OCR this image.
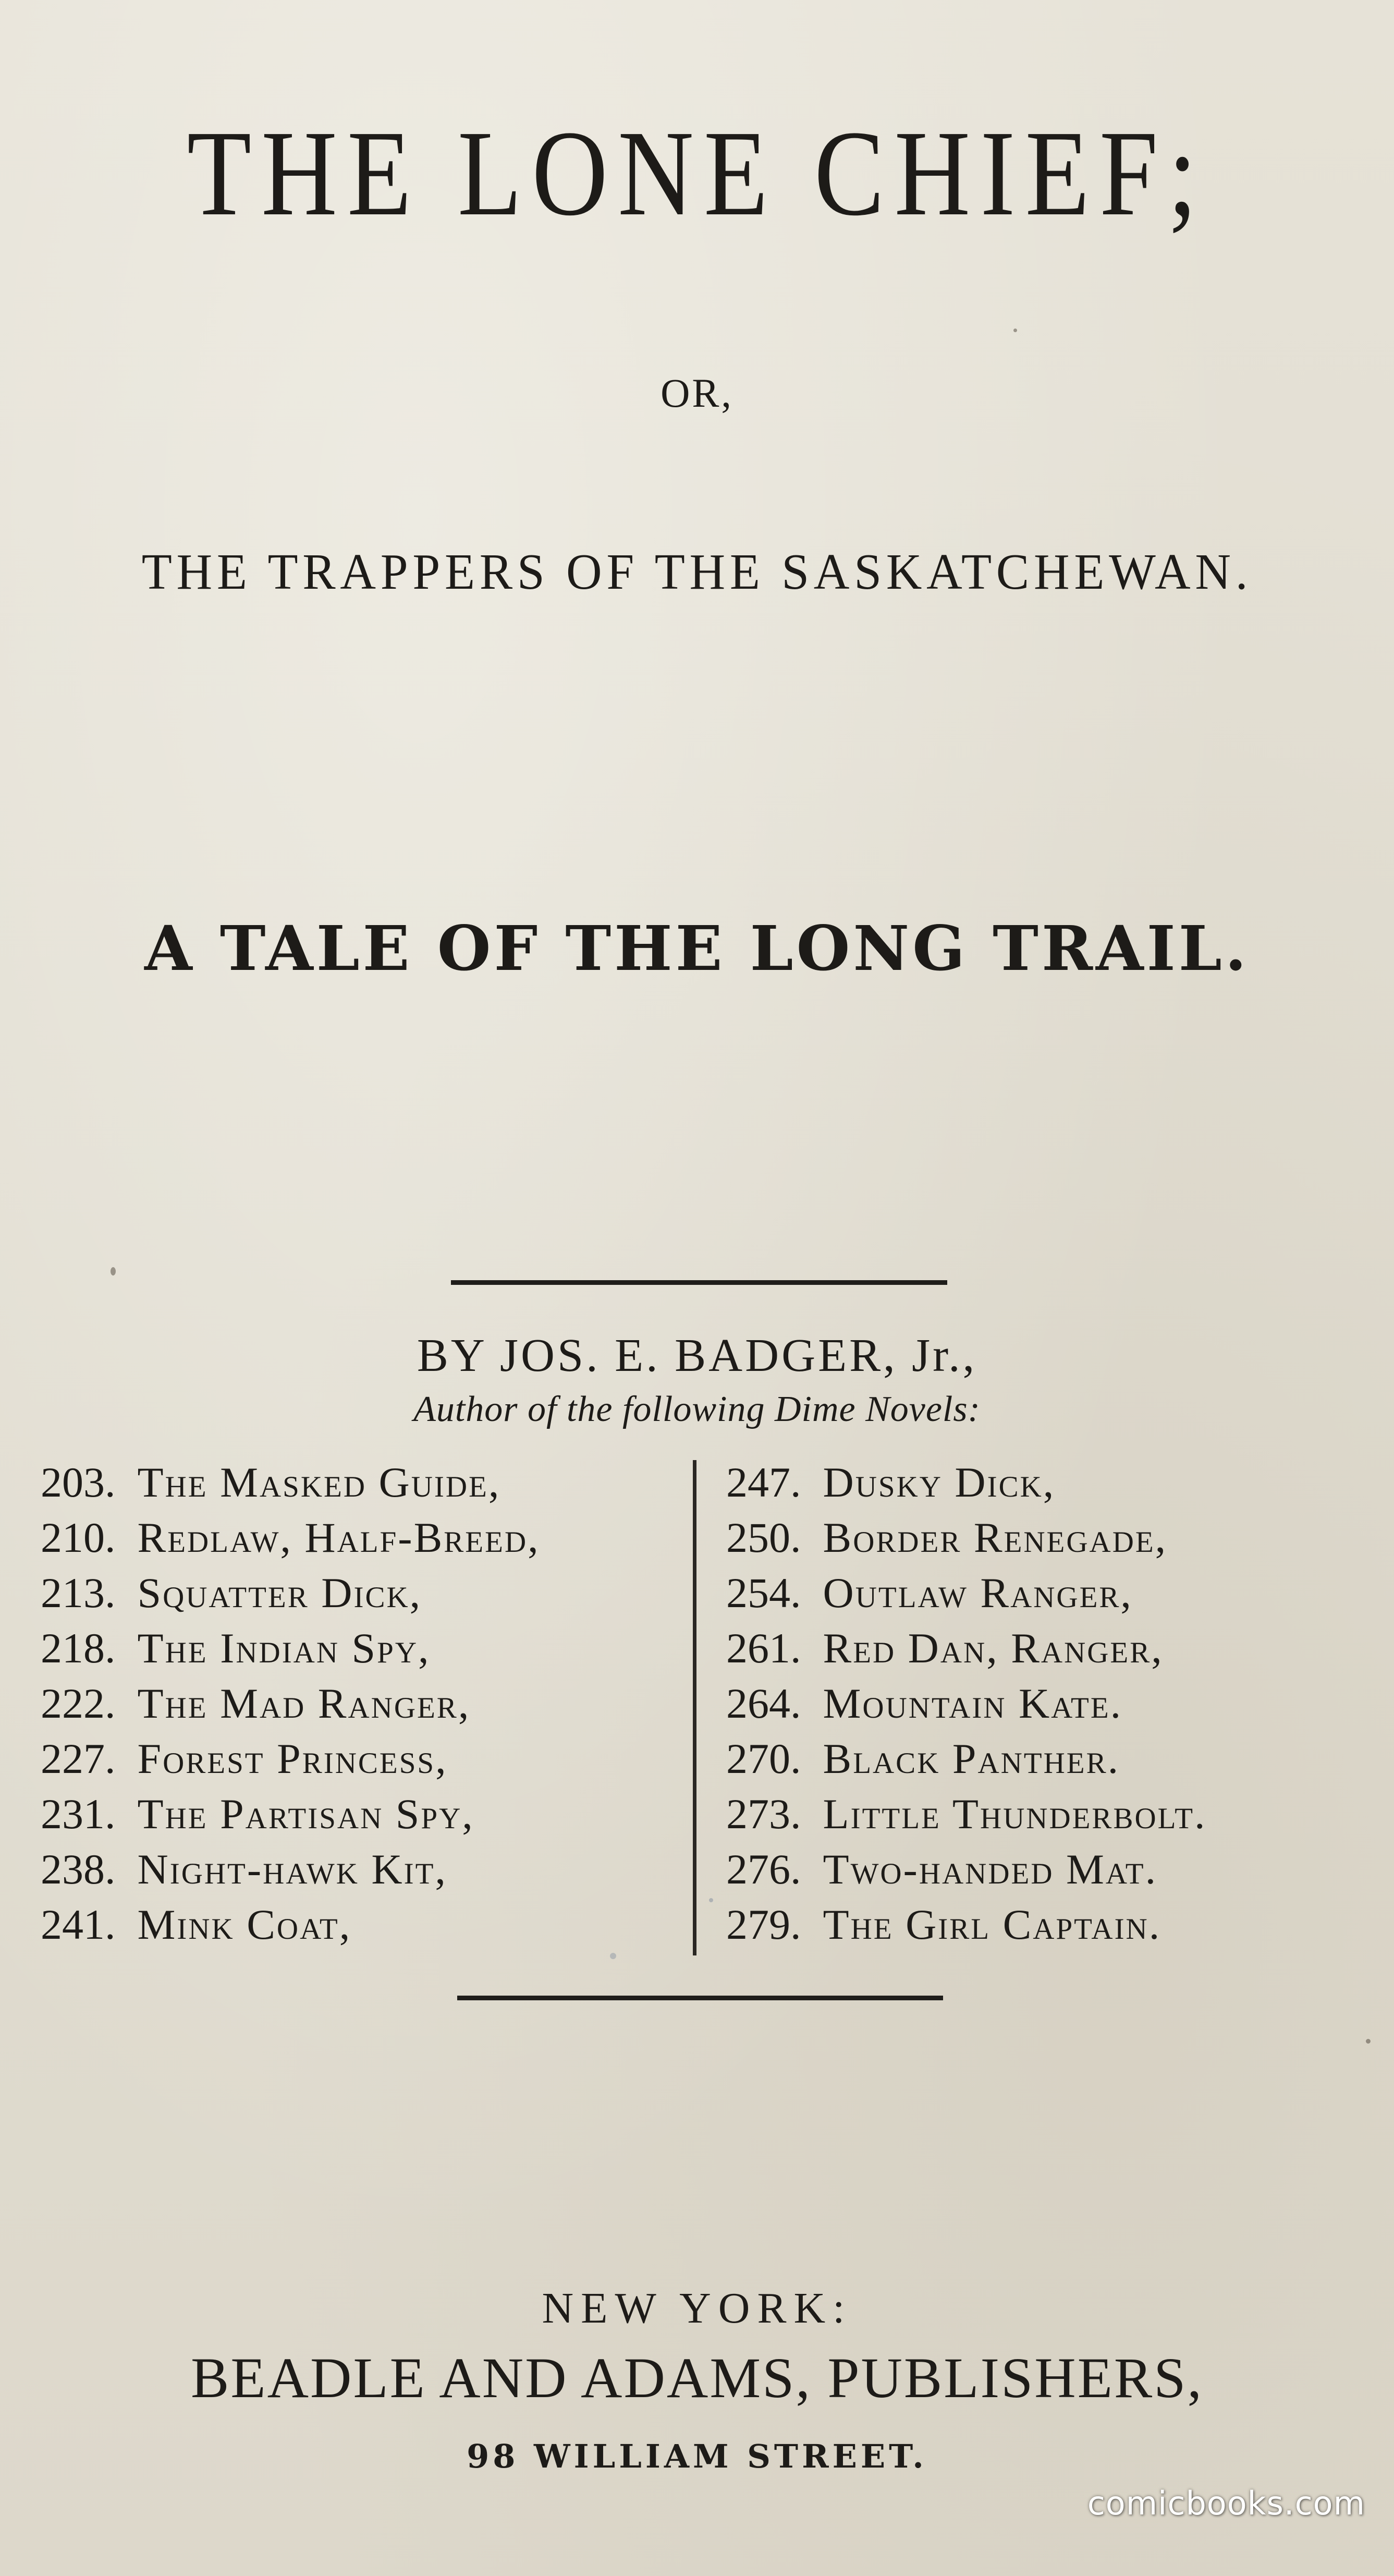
THE LONE CHIEF;
OR,
THE TRAPPERS OF THE SASKATCHEWAN.
A TALE OF THE LONG TRAIL.
BY JOS. E. BADGER, Jr.,
Author of the following Dime Novels:
203. The Masked Guide,
210. Redlaw, Half-Breed,
213. Squatter Dick,
218. The Indian Spy,
222. The Mad Ranger,
227. Forest Princess,
231. The Partisan Spy,
238. Night-hawk Kit,
241. Mink Coat,
247. Dusky Dick,
250. Border Renegade,
254. Outlaw Ranger,
261. Red Dan, Ranger,
264. Mountain Kate.
270. Black Panther.
273. Little Thunderbolt.
276. Two-handed Mat.
279. The Girl Captain.
NEW YORK:
BEADLE AND ADAMS, PUBLISHERS,
98 WILLIAM STREET.
comicbooks.com
